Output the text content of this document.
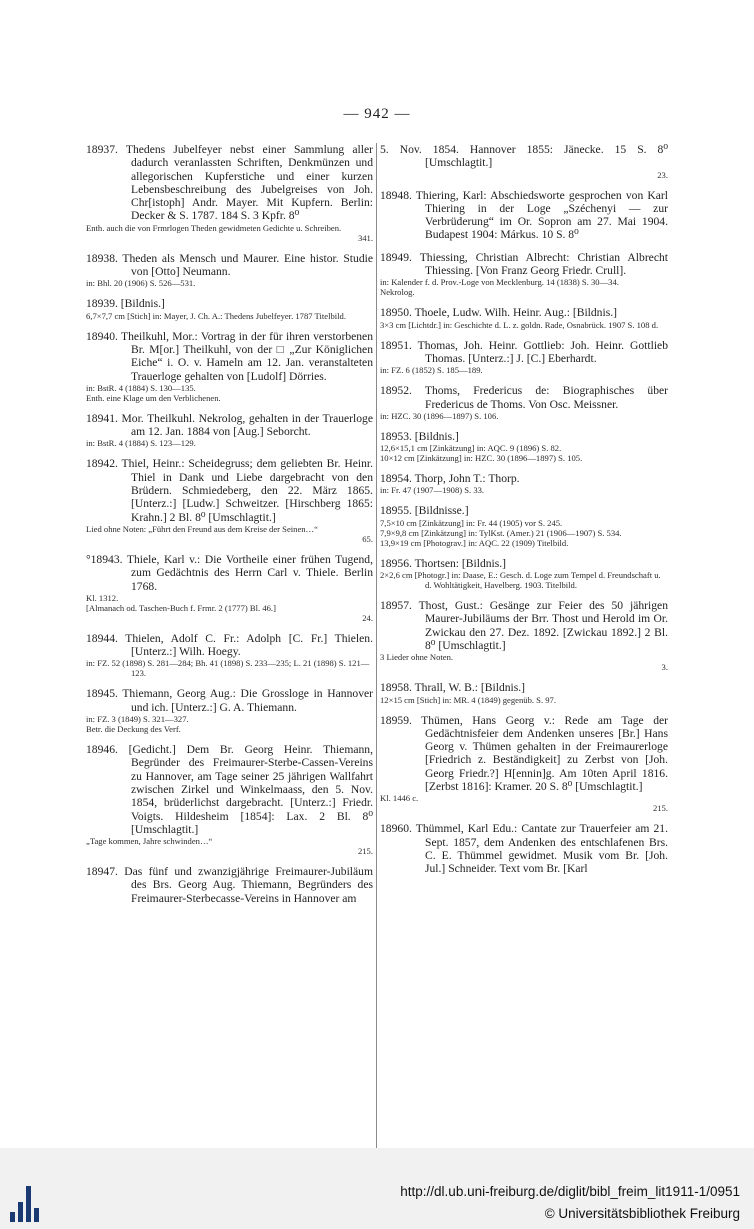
— 942 —

18937. Thedens Jubelfeyer nebst einer Sammlung aller dadurch veranlassten Schriften, Denkmünzen und allegorischen Kupferstiche und einer kurzen Lebensbeschreibung des Jubelgreises von Joh. Chr[istoph] Andr. Mayer. Mit Kupfern. Berlin: Decker & S. 1787. 184 S. 3 Kpfr. 8⁰

Enth. auch die von Frmrlogen Theden gewidmeten Gedichte u. Schreiben.

341.

18938. Theden als Mensch und Maurer. Eine histor. Studie von [Otto] Neumann.

in: Bhl. 20 (1906) S. 526—531.

18939. [Bildnis.]

6,7×7,7 cm [Stich] in: Mayer, J. Ch. A.: Thedens Jubelfeyer. 1787 Titelbild.

18940. Theilkuhl, Mor.: Vortrag in der für ihren verstorbenen Br. M[or.] Theilkuhl, von der □ „Zur Königlichen Eiche“ i. O. v. Hameln am 12. Jan. veranstalteten Trauerloge gehalten von [Ludolf] Dörries.

in: BstR. 4 (1884) S. 130—135.

Enth. eine Klage um den Verblichenen.

18941. Mor. Theilkuhl. Nekrolog, gehalten in der Trauerloge am 12. Jan. 1884 von [Aug.] Seborcht.

in: BstR. 4 (1884) S. 123—129.

18942. Thiel, Heinr.: Scheidegruss; dem geliebten Br. Heinr. Thiel in Dank und Liebe dargebracht von den Brüdern. Schmiedeberg, den 22. März 1865. [Unterz.:] [Ludw.] Schweitzer. [Hirschberg 1865: Krahn.] 2 Bl. 8⁰ [Umschlagtit.]

Lied ohne Noten: „Führt den Freund aus dem Kreise der Seinen…“

65.

°18943. Thiele, Karl v.: Die Vortheile einer frühen Tugend, zum Gedächtnis des Herrn Carl v. Thiele. Berlin 1768.

Kl. 1312.

[Almanach od. Taschen-Buch f. Frmr. 2 (1777) Bl. 46.]

24.

18944. Thielen, Adolf C. Fr.: Adolph [C. Fr.] Thielen. [Unterz.:] Wilh. Hoegy.

in: FZ. 52 (1898) S. 281—284; Bh. 41 (1898) S. 233—235; L. 21 (1898) S. 121—123.

18945. Thiemann, Georg Aug.: Die Grossloge in Hannover und ich. [Unterz.:] G. A. Thiemann.

in: FZ. 3 (1849) S. 321—327.

Betr. die Deckung des Verf.

18946. [Gedicht.] Dem Br. Georg Heinr. Thiemann, Begründer des Freimaurer-Sterbe-Cassen-Vereins zu Hannover, am Tage seiner 25 jährigen Wallfahrt zwischen Zirkel und Winkelmaass, den 5. Nov. 1854, brüderlichst dargebracht. [Unterz.:] Friedr. Voigts. Hildesheim [1854]: Lax. 2 Bl. 8⁰ [Umschlagtit.]

„Tage kommen, Jahre schwinden…“

215.

18947. Das fünf und zwanzigjährige Freimaurer-Jubiläum des Brs. Georg Aug. Thiemann, Begründers des Freimaurer-Sterbecasse-Vereins in Hannover am

5. Nov. 1854. Hannover 1855: Jänecke. 15 S. 8⁰ [Umschlagtit.]

23.

18948. Thiering, Karl: Abschiedsworte gesprochen von Karl Thiering in der Loge „Széchenyi — zur Verbrüderung“ im Or. Sopron am 27. Mai 1904. Budapest 1904: Márkus. 10 S. 8⁰

18949. Thiessing, Christian Albrecht: Christian Albrecht Thiessing. [Von Franz Georg Friedr. Crull].

in: Kalender f. d. Prov.-Loge von Mecklenburg. 14 (1838) S. 30—34.

Nekrolog.

18950. Thoele, Ludw. Wilh. Heinr. Aug.: [Bildnis.]

3×3 cm [Lichtdr.] in: Geschichte d. L. z. goldn. Rade, Osnabrück. 1907 S. 108 d.

18951. Thomas, Joh. Heinr. Gottlieb: Joh. Heinr. Gottlieb Thomas. [Unterz.:] J. [C.] Eberhardt.

in: FZ. 6 (1852) S. 185—189.

18952. Thoms, Fredericus de: Biographisches über Fredericus de Thoms. Von Osc. Meissner.

in: HZC. 30 (1896—1897) S. 106.

18953. [Bildnis.]

12,6×15,1 cm [Zinkätzung] in: AQC. 9 (1896) S. 82.

10×12 cm [Zinkätzung] in: HZC. 30 (1896—1897) S. 105.

18954. Thorp, John T.: Thorp.

in: Fr. 47 (1907—1908) S. 33.

18955. [Bildnisse.]

7,5×10 cm [Zinkätzung] in: Fr. 44 (1905) vor S. 245.

7,9×9,8 cm [Zinkätzung] in: TylKst. (Amer.) 21 (1906—1907) S. 534.

13,9×19 cm [Photograv.] in: AQC. 22 (1909) Titelbild.

18956. Thortsen: [Bildnis.]

2×2,6 cm [Photogr.] in: Daase, E.: Gesch. d. Loge zum Tempel d. Freundschaft u. d. Wohltätigkeit, Havelberg. 1903. Titelbild.

18957. Thost, Gust.: Gesänge zur Feier des 50 jährigen Maurer-Jubiläums der Brr. Thost und Herold im Or. Zwickau den 27. Dez. 1892. [Zwickau 1892.] 2 Bl. 8⁰ [Umschlagtit.]

3 Lieder ohne Noten.

3.

18958. Thrall, W. B.: [Bildnis.]

12×15 cm [Stich] in: MR. 4 (1849) gegenüb. S. 97.

18959. Thümen, Hans Georg v.: Rede am Tage der Gedächtnisfeier dem Andenken unseres [Br.] Hans Georg v. Thümen gehalten in der Freimaurerloge [Friedrich z. Beständigkeit] zu Zerbst von [Joh. Georg Friedr.?] H[ennin]g. Am 10ten April 1816. [Zerbst 1816]: Kramer. 20 S. 8⁰ [Umschlagtit.]

Kl. 1446 c.

215.

18960. Thümmel, Karl Edu.: Cantate zur Trauerfeier am 21. Sept. 1857, dem Andenken des entschlafenen Brs. C. E. Thümmel gewidmet. Musik vom Br. [Joh. Jul.] Schneider. Text vom Br. [Karl

http://dl.ub.uni-freiburg.de/diglit/bibl_freim_lit1911-1/0951
© Universitätsbibliothek Freiburg
